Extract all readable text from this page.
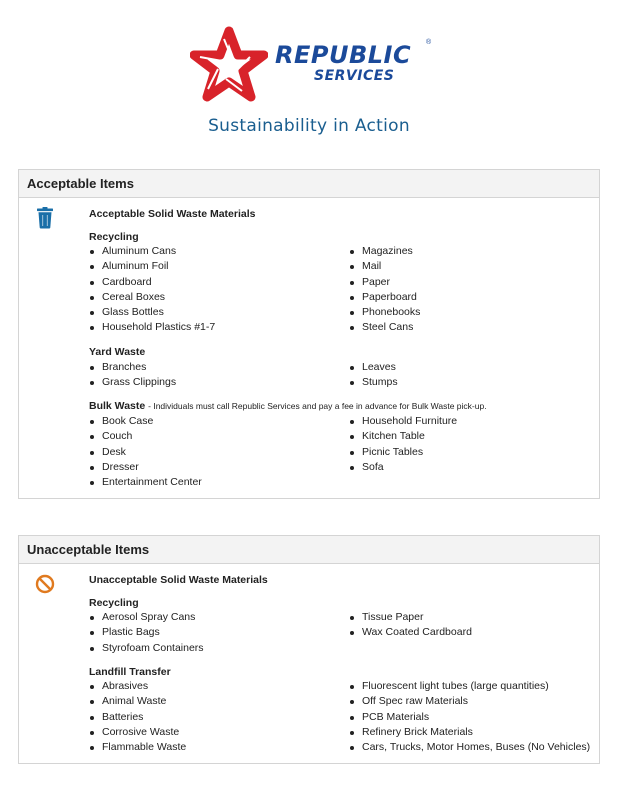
REPUBLIC ®
SERVICES
Sustainability in Action
Acceptable Items
Acceptable Solid Waste Materials
Recycling
Aluminum Cans
Aluminum Foil
Cardboard
Cereal Boxes
Glass Bottles
Household Plastics #1-7
Magazines
Mail
Paper
Paperboard
Phonebooks
Steel Cans
Yard Waste
Branches
Grass Clippings
Leaves
Stumps
Bulk Waste - Individuals must call Republic Services and pay a fee in advance for Bulk Waste pick-up.
Book Case
Couch
Desk
Dresser
Entertainment Center
Household Furniture
Kitchen Table
Picnic Tables
Sofa
Unacceptable Items
Unacceptable Solid Waste Materials
Recycling
Aerosol Spray Cans
Plastic Bags
Styrofoam Containers
Tissue Paper
Wax Coated Cardboard
Landfill Transfer
Abrasives
Animal Waste
Batteries
Corrosive Waste
Flammable Waste
Fluorescent light tubes (large quantities)
Off Spec raw Materials
PCB Materials
Refinery Brick Materials
Cars, Trucks, Motor Homes, Buses (No Vehicles)
